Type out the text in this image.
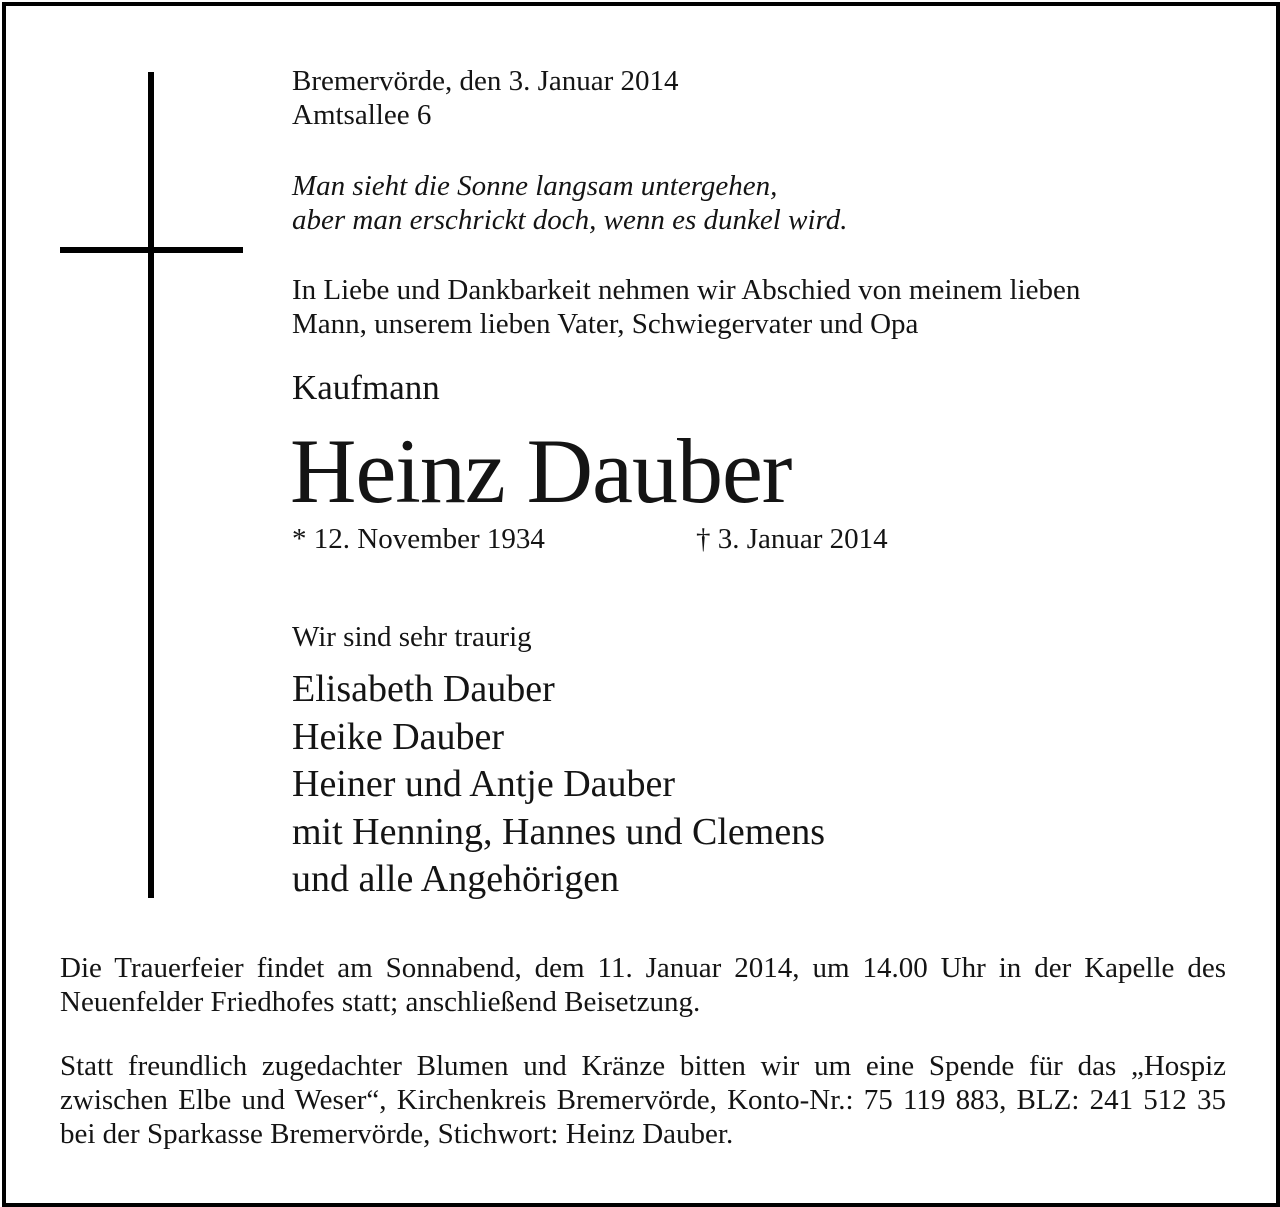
Bremervörde, den 3. Januar 2014
Amtsallee 6
Man sieht die Sonne langsam untergehen,
aber man erschrickt doch, wenn es dunkel wird.
In Liebe und Dankbarkeit nehmen wir Abschied von meinem lieben
Mann, unserem lieben Vater, Schwiegervater und Opa
Kaufmann
Heinz Dauber
* 12. November 1934	† 3. Januar 2014
Wir sind sehr traurig
Elisabeth Dauber
Heike Dauber
Heiner und Antje Dauber
mit Henning, Hannes und Clemens
und alle Angehörigen
Die Trauerfeier findet am Sonnabend, dem 11. Januar 2014, um 14.00 Uhr in der Kapelle des Neuenfelder Friedhofes statt; anschließend Beisetzung.
Statt freundlich zugedachter Blumen und Kränze bitten wir um eine Spende für das „Hospiz zwischen Elbe und Weser“, Kirchenkreis Bremervörde, Konto-Nr.: 75 119 883, BLZ: 241 512 35 bei der Sparkasse Bremervörde, Stichwort: Heinz Dauber.
